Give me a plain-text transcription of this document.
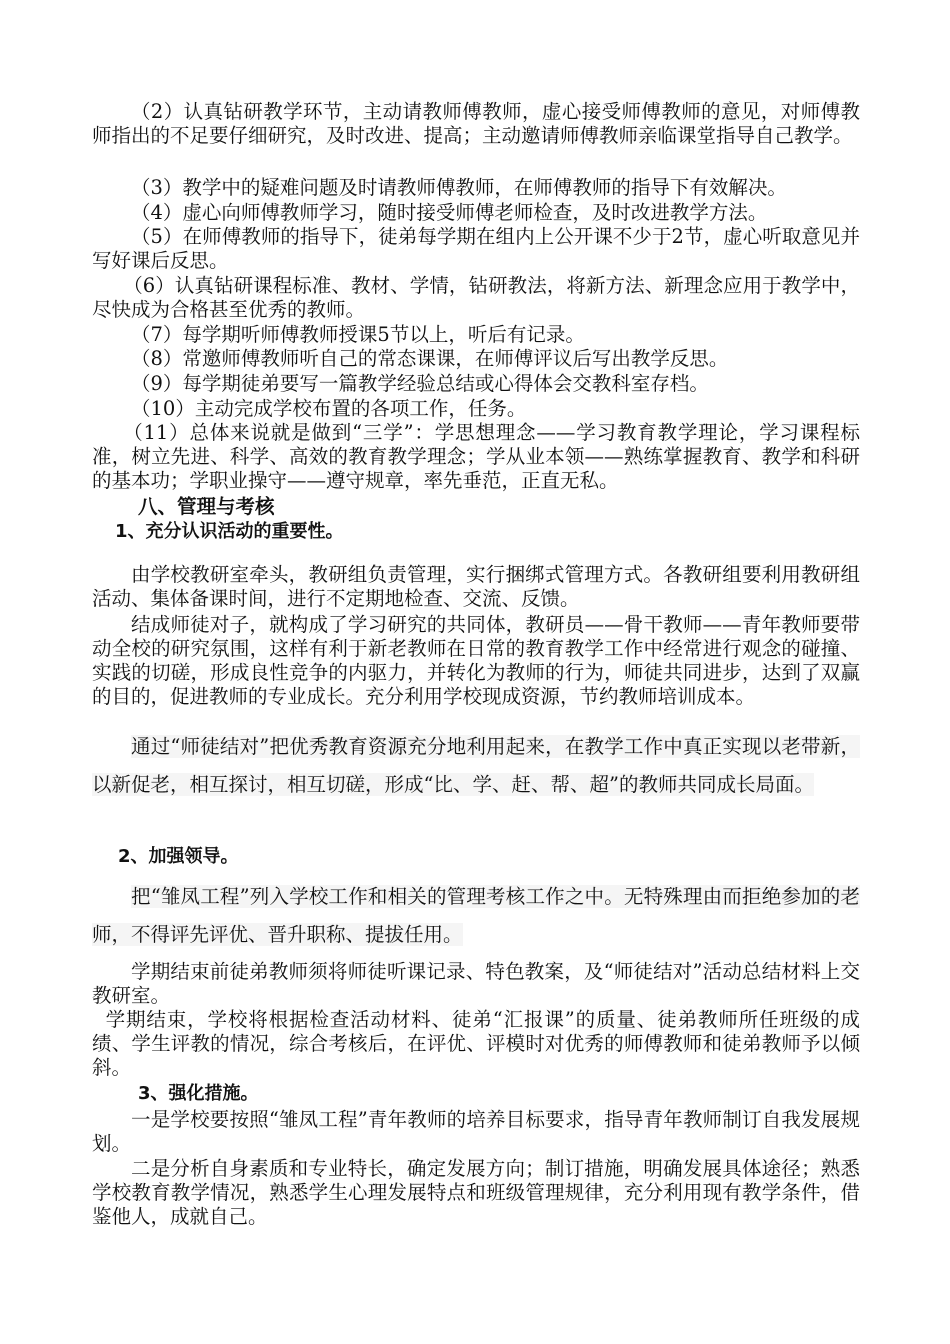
（2）认真钻研教学环节，主动请教师傅教师，虚心接受师傅教师的意见，对师傅教师指出的不足要仔细研究，及时改进、提高；主动邀请师傅教师亲临课堂指导自己教学。
（3）教学中的疑难问题及时请教师傅教师，在师傅教师的指导下有效解决。
（4）虚心向师傅教师学习，随时接受师傅老师检查，及时改进教学方法。
（5）在师傅教师的指导下，徒弟每学期在组内上公开课不少于2节，虚心听取意见并写好课后反思。
（6）认真钻研课程标准、教材、学情，钻研教法，将新方法、新理念应用于教学中，尽快成为合格甚至优秀的教师。
（7）每学期听师傅教师授课5节以上，听后有记录。
（8）常邀师傅教师听自己的常态课课，在师傅评议后写出教学反思。
（9）每学期徒弟要写一篇教学经验总结或心得体会交教科室存档。
（10）主动完成学校布置的各项工作，任务。
（11）总体来说就是做到“三学”：学思想理念——学习教育教学理论，学习课程标准，树立先进、科学、高效的教育教学理念；学从业本领——熟练掌握教育、教学和科研的基本功；学职业操守——遵守规章，率先垂范，正直无私。
八、管理与考核
1、充分认识活动的重要性。
由学校教研室牵头，教研组负责管理，实行捆绑式管理方式。各教研组要利用教研组活动、集体备课时间，进行不定期地检查、交流、反馈。
结成师徒对子，就构成了学习研究的共同体，教研员——骨干教师——青年教师要带动全校的研究氛围，这样有利于新老教师在日常的教育教学工作中经常进行观念的碰撞、实践的切磋，形成良性竞争的内驱力，并转化为教师的行为，师徒共同进步，达到了双赢的目的，促进教师的专业成长。充分利用学校现成资源，节约教师培训成本。
通过“师徒结对”把优秀教育资源充分地利用起来，在教学工作中真正实现以老带新，以新促老，相互探讨，相互切磋，形成“比、学、赶、帮、超”的教师共同成长局面。
2、加强领导。
把“雏凤工程”列入学校工作和相关的管理考核工作之中。无特殊理由而拒绝参加的老师，不得评先评优、晋升职称、提拔任用。
学期结束前徒弟教师须将师徒听课记录、特色教案，及“师徒结对”活动总结材料上交教研室。
学期结束，学校将根据检查活动材料、徒弟“汇报课”的质量、徒弟教师所任班级的成绩、学生评教的情况，综合考核后，在评优、评模时对优秀的师傅教师和徒弟教师予以倾斜。
3、强化措施。
一是学校要按照“雏凤工程”青年教师的培养目标要求，指导青年教师制订自我发展规划。
二是分析自身素质和专业特长，确定发展方向；制订措施，明确发展具体途径；熟悉学校教育教学情况，熟悉学生心理发展特点和班级管理规律，充分利用现有教学条件，借鉴他人，成就自己。
